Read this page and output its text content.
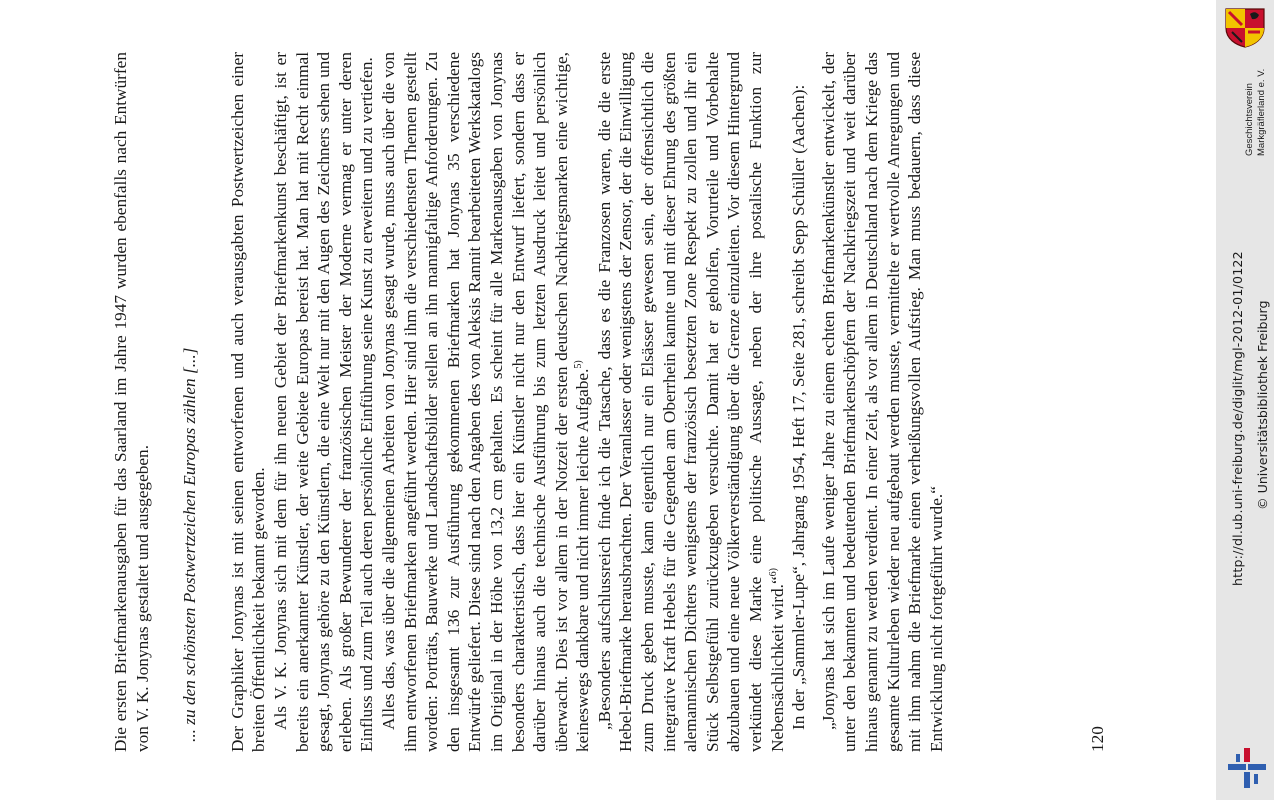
Die ersten Briefmarkenausgaben für das Saarland im Jahre 1947 wurden ebenfalls nach Entwürfen von V. K. Jonynas gestaltet und ausgegeben. ... zu den schönsten Postwertzeichen Europas zählen [...] Der Graphiker Jonynas ist mit seinen entworfenen und auch verausgabten Postwertzeichen einer breiten Öffentlichkeit bekannt geworden. Als V. K. Jonynas sich mit dem für ihn neuen Gebiet der Briefmarkenkunst beschäftigt, ist er bereits ein anerkannter Künstler, der weite Gebiete Europas bereist hat. Man hat mit Recht einmal gesagt, Jonynas gehöre zu den Künstlern, die eine Welt nur mit den Augen des Zeichners sehen und erleben. Als großer Bewunderer der französischen Meister der Moderne vermag er unter deren Einfluss und zum Teil auch deren persönliche Einführung seine Kunst zu erweitern und zu vertiefen. Alles das, was über die allgemeinen Arbeiten von Jonynas gesagt wurde, muss auch über die von ihm entworfenen Briefmarken angeführt werden. Hier sind ihm die verschiedensten Themen gestellt worden: Porträts, Bauwerke und Landschaftsbilder stellen an ihn mannigfaltige Anforderungen. Zu den insgesamt 136 zur Ausführung gekommenen Briefmarken hat Jonynas 35 verschiedene Entwürfe geliefert. Diese sind nach den Angaben des von Aleksis Rannit bearbeiteten Werkskatalogs im Original in der Höhe von 13,2 cm gehalten. Es scheint für alle Markenausgaben von Jonynas besonders charakteristisch, dass hier ein Künstler nicht nur den Entwurf liefert, sondern dass er darüber hinaus auch die technische Ausführung bis zum letzten Ausdruck leitet und persönlich überwacht. Dies ist vor allem in der Notzeit der ersten deutschen Nachkriegsmarken eine wichtige, keineswegs dankbare und nicht immer leichte Aufgabe.$^{5)}$ „Besonders aufschlussreich finde ich die Tatsache, dass es die Franzosen waren, die die erste Hebel-Briefmarke herausbrachten. Der Veranlasser oder wenigstens der Zensor, der die Einwilligung zum Druck geben musste, kann eigentlich nur ein Elsässer gewesen sein, der offensichtlich die integrative Kraft Hebels für die Gegenden am Oberrhein kannte und mit dieser Ehrung des größten alemannischen Dichters wenigstens der französisch besetzten Zone Respekt zu zollen und ihr ein Stück Selbstgefühl zurückzugeben versuchte. Damit hat er geholfen, Vorurteile und Vorbehalte abzubauen und eine neue Völkerverständigung über die Grenze einzuleiten. Vor diesem Hintergrund verkündet diese Marke eine politische Aussage, neben der ihre postalische Funktion zur Nebensächlichkeit wird.“$^{6)}$ In der „Sammler-Lupe“, Jahrgang 1954, Heft 17, Seite 281, schreibt Sepp Schüller (Aachen): „Jonynas hat sich im Laufe weniger Jahre zu einem echten Briefmarkenkünstler entwickelt, der unter den bekannten und bedeutenden Briefmarkenschöpfern der Nachkriegszeit und weit darüber hinaus genannt zu werden verdient. In einer Zeit, als vor allem in Deutschland nach dem Kriege das gesamte Kulturleben wieder neu aufgebaut werden musste, vermittelte er wertvolle Anregungen und mit ihm nahm die Briefmarke einen verheißungsvollen Aufstieg. Man muss bedauern, dass diese Entwicklung nicht fortgeführt wurde.“	120
Geschichtsverein Markgräflerland e. V.
http://dl.ub.uni-freiburg.de/diglit/mgl-2012-01/0122 © Universitätsbibliothek Freiburg
